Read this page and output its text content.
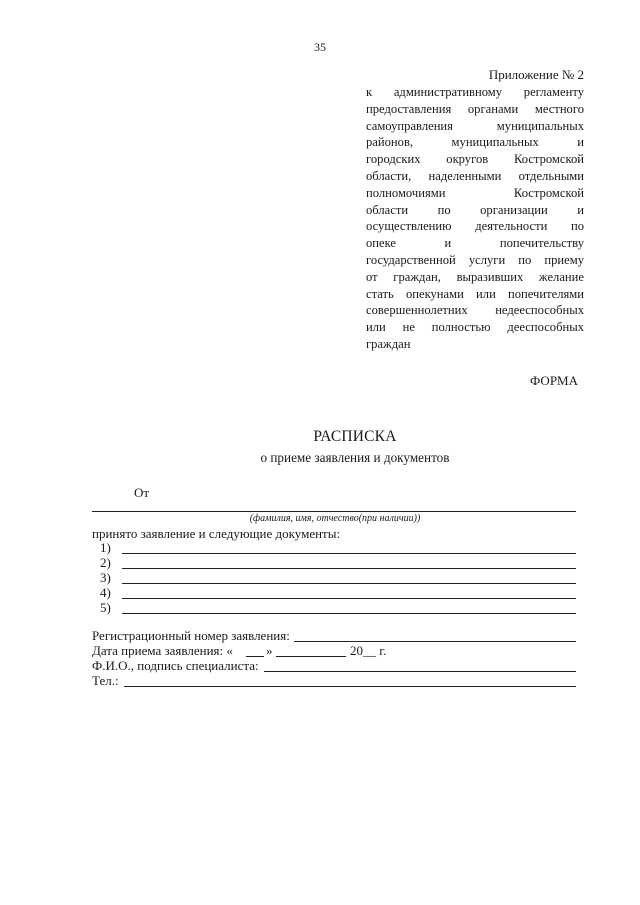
35
Приложение № 2
к административному регламенту
предоставления органами местного
самоуправления муниципальных
районов, муниципальных и
городских округов Костромской
области, наделенными отдельными
полномочиями Костромской
области по организации и
осуществлению деятельности по
опеке и попечительству
государственной услуги по приему
от граждан, выразивших желание
стать опекунами или попечителями
совершеннолетних недееспособных
или не полностью дееспособных
граждан
ФОРМА
РАСПИСКА
о приеме заявления и документов
От
(фамилия, имя, отчество(при наличии))
принято заявление и следующие документы:
1)
2)
3)
4)
5)
Регистрационный номер заявления:
Дата приема заявления: «	»	20__ г.
Ф.И.О., подпись специалиста:
Тел.:
